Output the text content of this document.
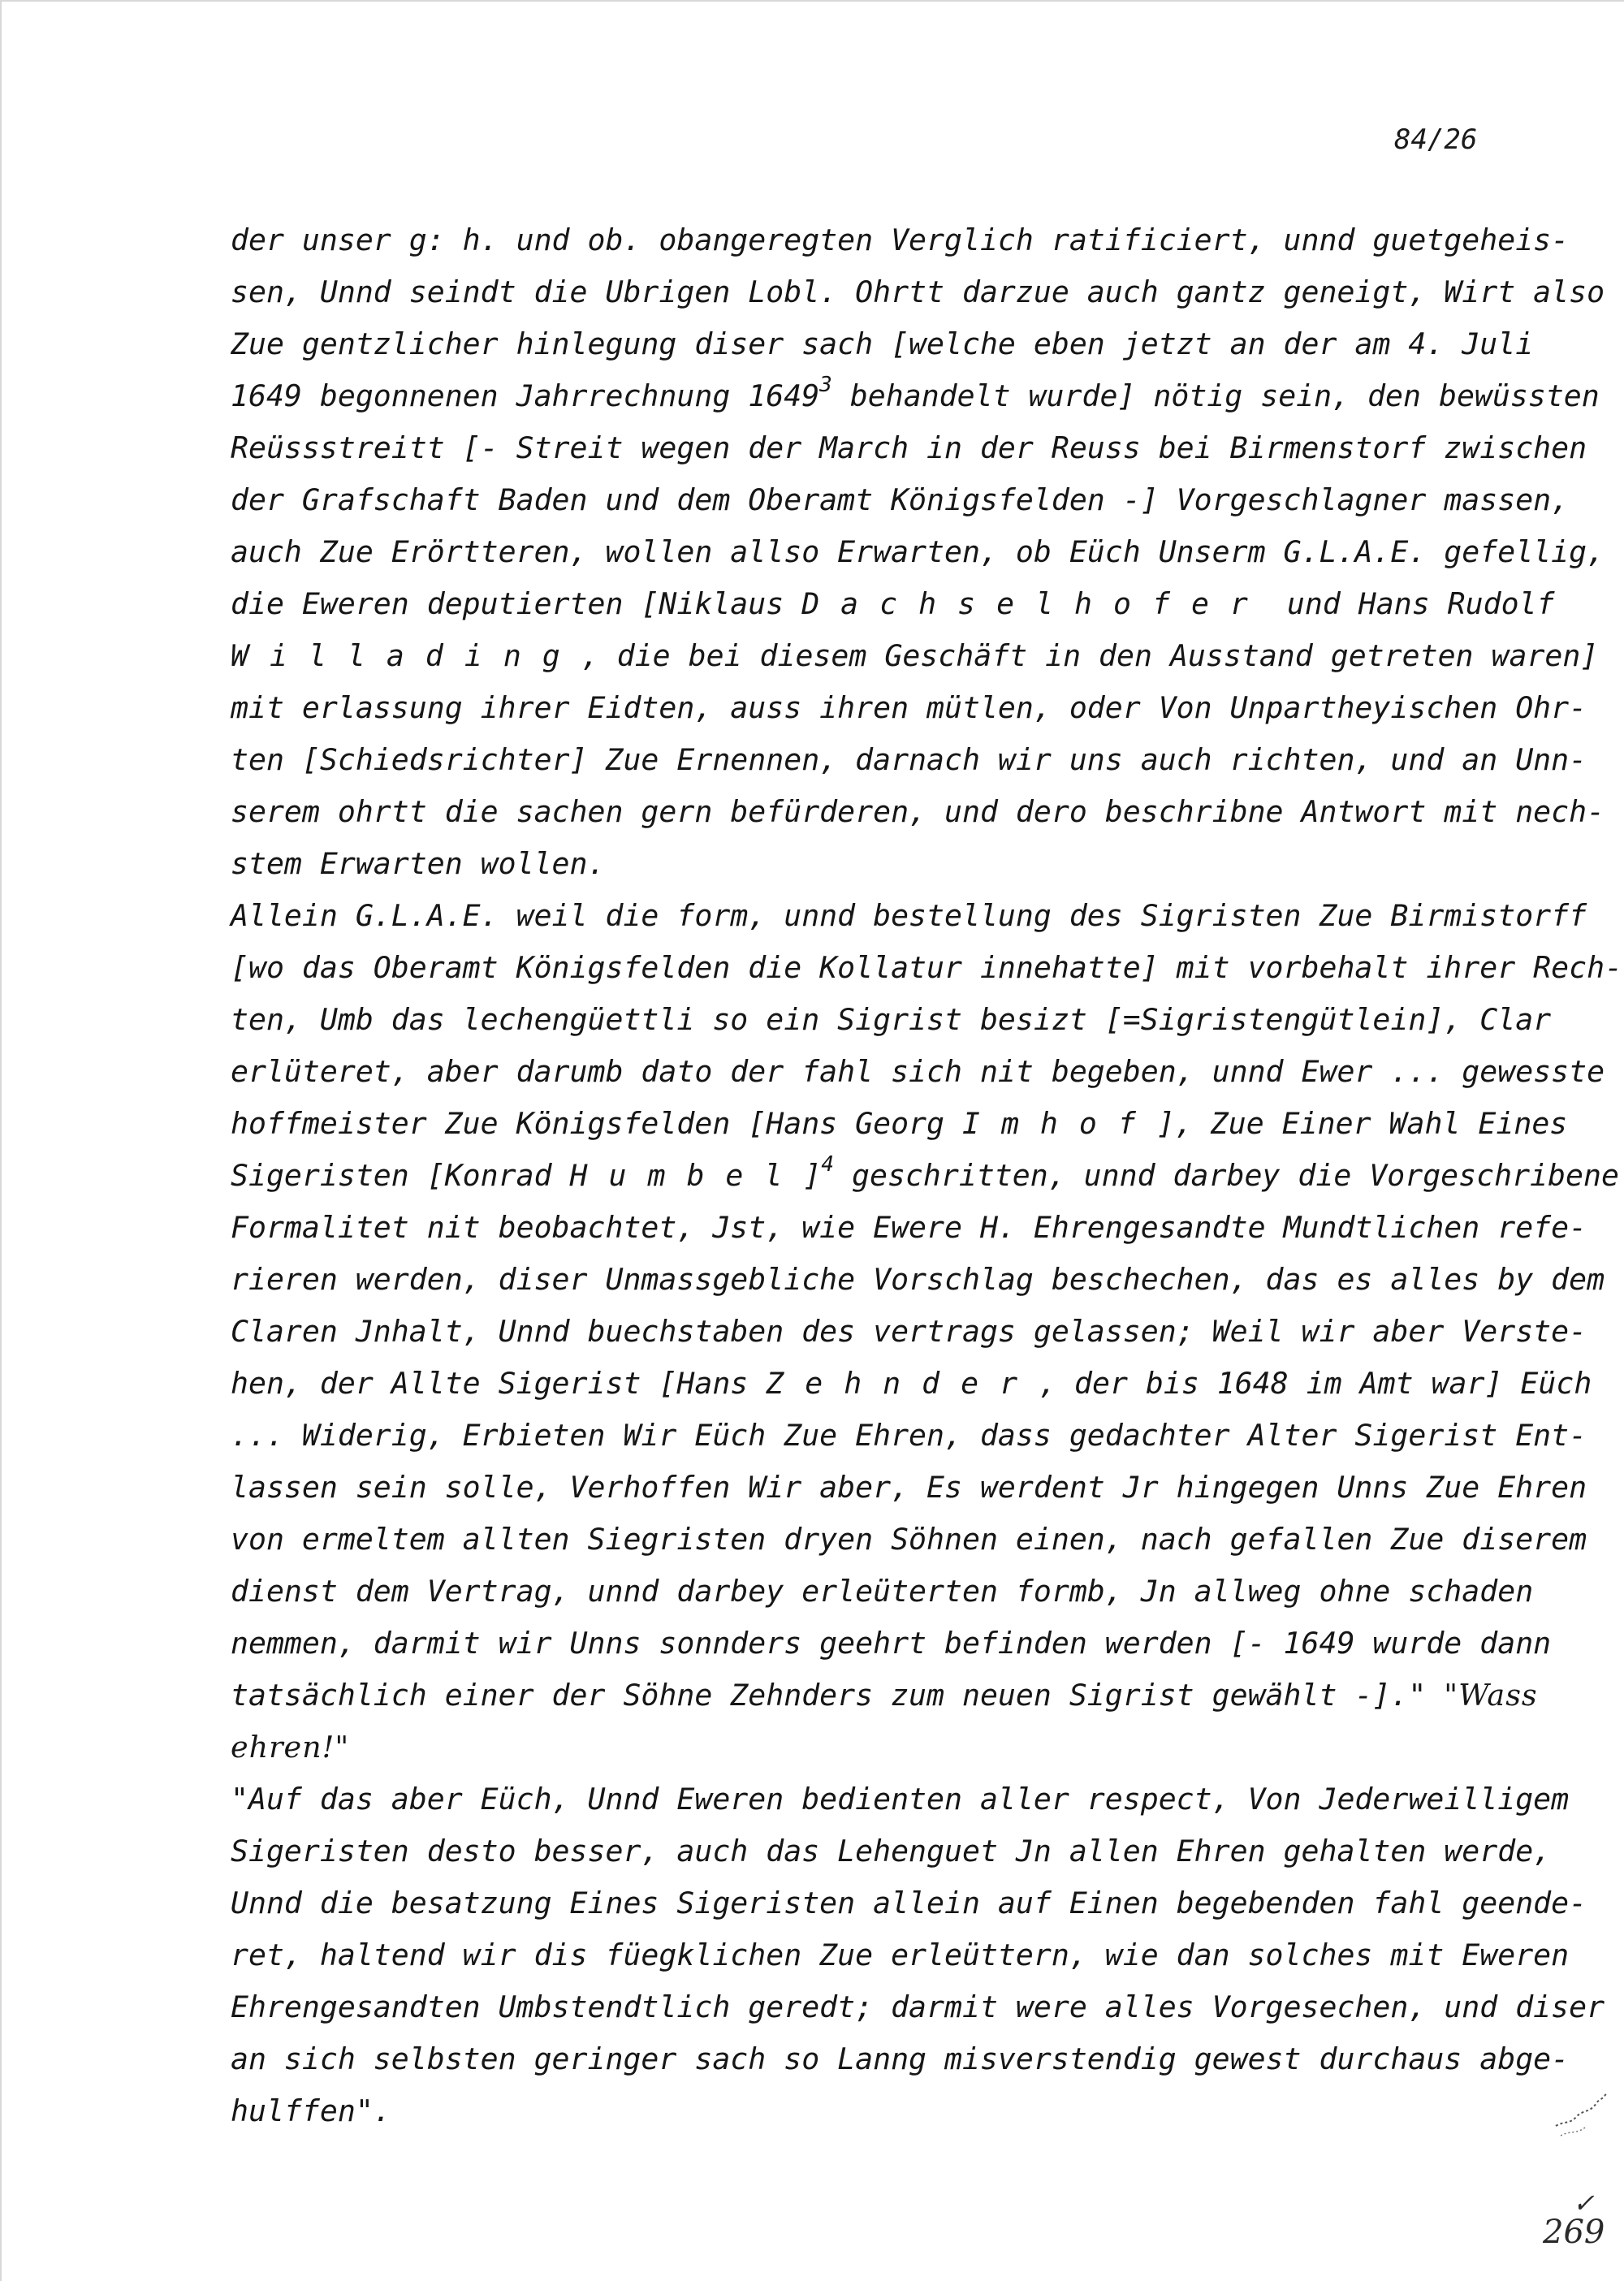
84/26
der unser g: h. und ob. obangeregten Verglich ratificiert, unnd guetgeheis-
sen, Unnd seindt die Ubrigen Lobl. Ohrtt darzue auch gantz geneigt, Wirt also
Zue gentzlicher hinlegung diser sach [welche eben jetzt an der am 4. Juli
1649 begonnenen Jahrrechnung 1649$^3$ behandelt wurde] nötig sein, den bewüssten
Reüssstreitt [- Streit wegen der March in der Reuss bei Birmenstorf zwischen
der Grafschaft Baden und dem Oberamt Königsfelden -] Vorgeschlagner massen,
auch Zue Erörtteren, wollen allso Erwarten, ob Eüch Unserm G.L.A.E. gefellig,
die Eweren deputierten [Niklaus Dachselhofer und Hans Rudolf
Willading, die bei diesem Geschäft in den Ausstand getreten waren]
mit erlassung ihrer Eidten, auss ihren mütlen, oder Von Unpartheyischen Ohr-
ten [Schiedsrichter] Zue Ernennen, darnach wir uns auch richten, und an Unn-
serem ohrtt die sachen gern befürderen, und dero beschribne Antwort mit nech-
stem Erwarten wollen.
Allein G.L.A.E. weil die form, unnd bestellung des Sigristen Zue Birmistorff
[wo das Oberamt Königsfelden die Kollatur innehatte] mit vorbehalt ihrer Rech-
ten, Umb das lechengüettli so ein Sigrist besizt [=Sigristengütlein], Clar
erlüteret, aber darumb dato der fahl sich nit begeben, unnd Ewer ... gewesste
hoffmeister Zue Königsfelden [Hans Georg Imhof], Zue Einer Wahl Eines
Sigeristen [Konrad Humbel]$^4$ geschritten, unnd darbey die Vorgeschribene
Formalitet nit beobachtet, Jst, wie Ewere H. Ehrengesandte Mundtlichen refe-
rieren werden, diser Unmassgebliche Vorschlag beschechen, das es alles by dem
Claren Jnhalt, Unnd buechstaben des vertrags gelassen; Weil wir aber Verste-
hen, der Allte Sigerist [Hans Zehnder, der bis 1648 im Amt war] Eüch
... Widerig, Erbieten Wir Eüch Zue Ehren, dass gedachter Alter Sigerist Ent-
lassen sein solle, Verhoffen Wir aber, Es werdent Jr hingegen Unns Zue Ehren
von ermeltem allten Siegristen dryen Söhnen einen, nach gefallen Zue diserem
dienst dem Vertrag, unnd darbey erleüterten formb, Jn allweg ohne schaden
nemmen, darmit wir Unns sonnders geehrt befinden werden [- 1649 wurde dann
tatsächlich einer der Söhne Zehnders zum neuen Sigrist gewählt -]." "Wass
ehren!"
"Auf das aber Eüch, Unnd Eweren bedienten aller respect, Von Jederweilligem
Sigeristen desto besser, auch das Lehenguet Jn allen Ehren gehalten werde,
Unnd die besatzung Eines Sigeristen allein auf Einen begebenden fahl geende-
ret, haltend wir dis füegklichen Zue erleüttern, wie dan solches mit Eweren
Ehrengesandten Umbstendtlich geredt; darmit were alles Vorgesechen, und diser
an sich selbsten geringer sach so Lanng misverstendig gewest durchaus abge-
hulffen".
✓
269
